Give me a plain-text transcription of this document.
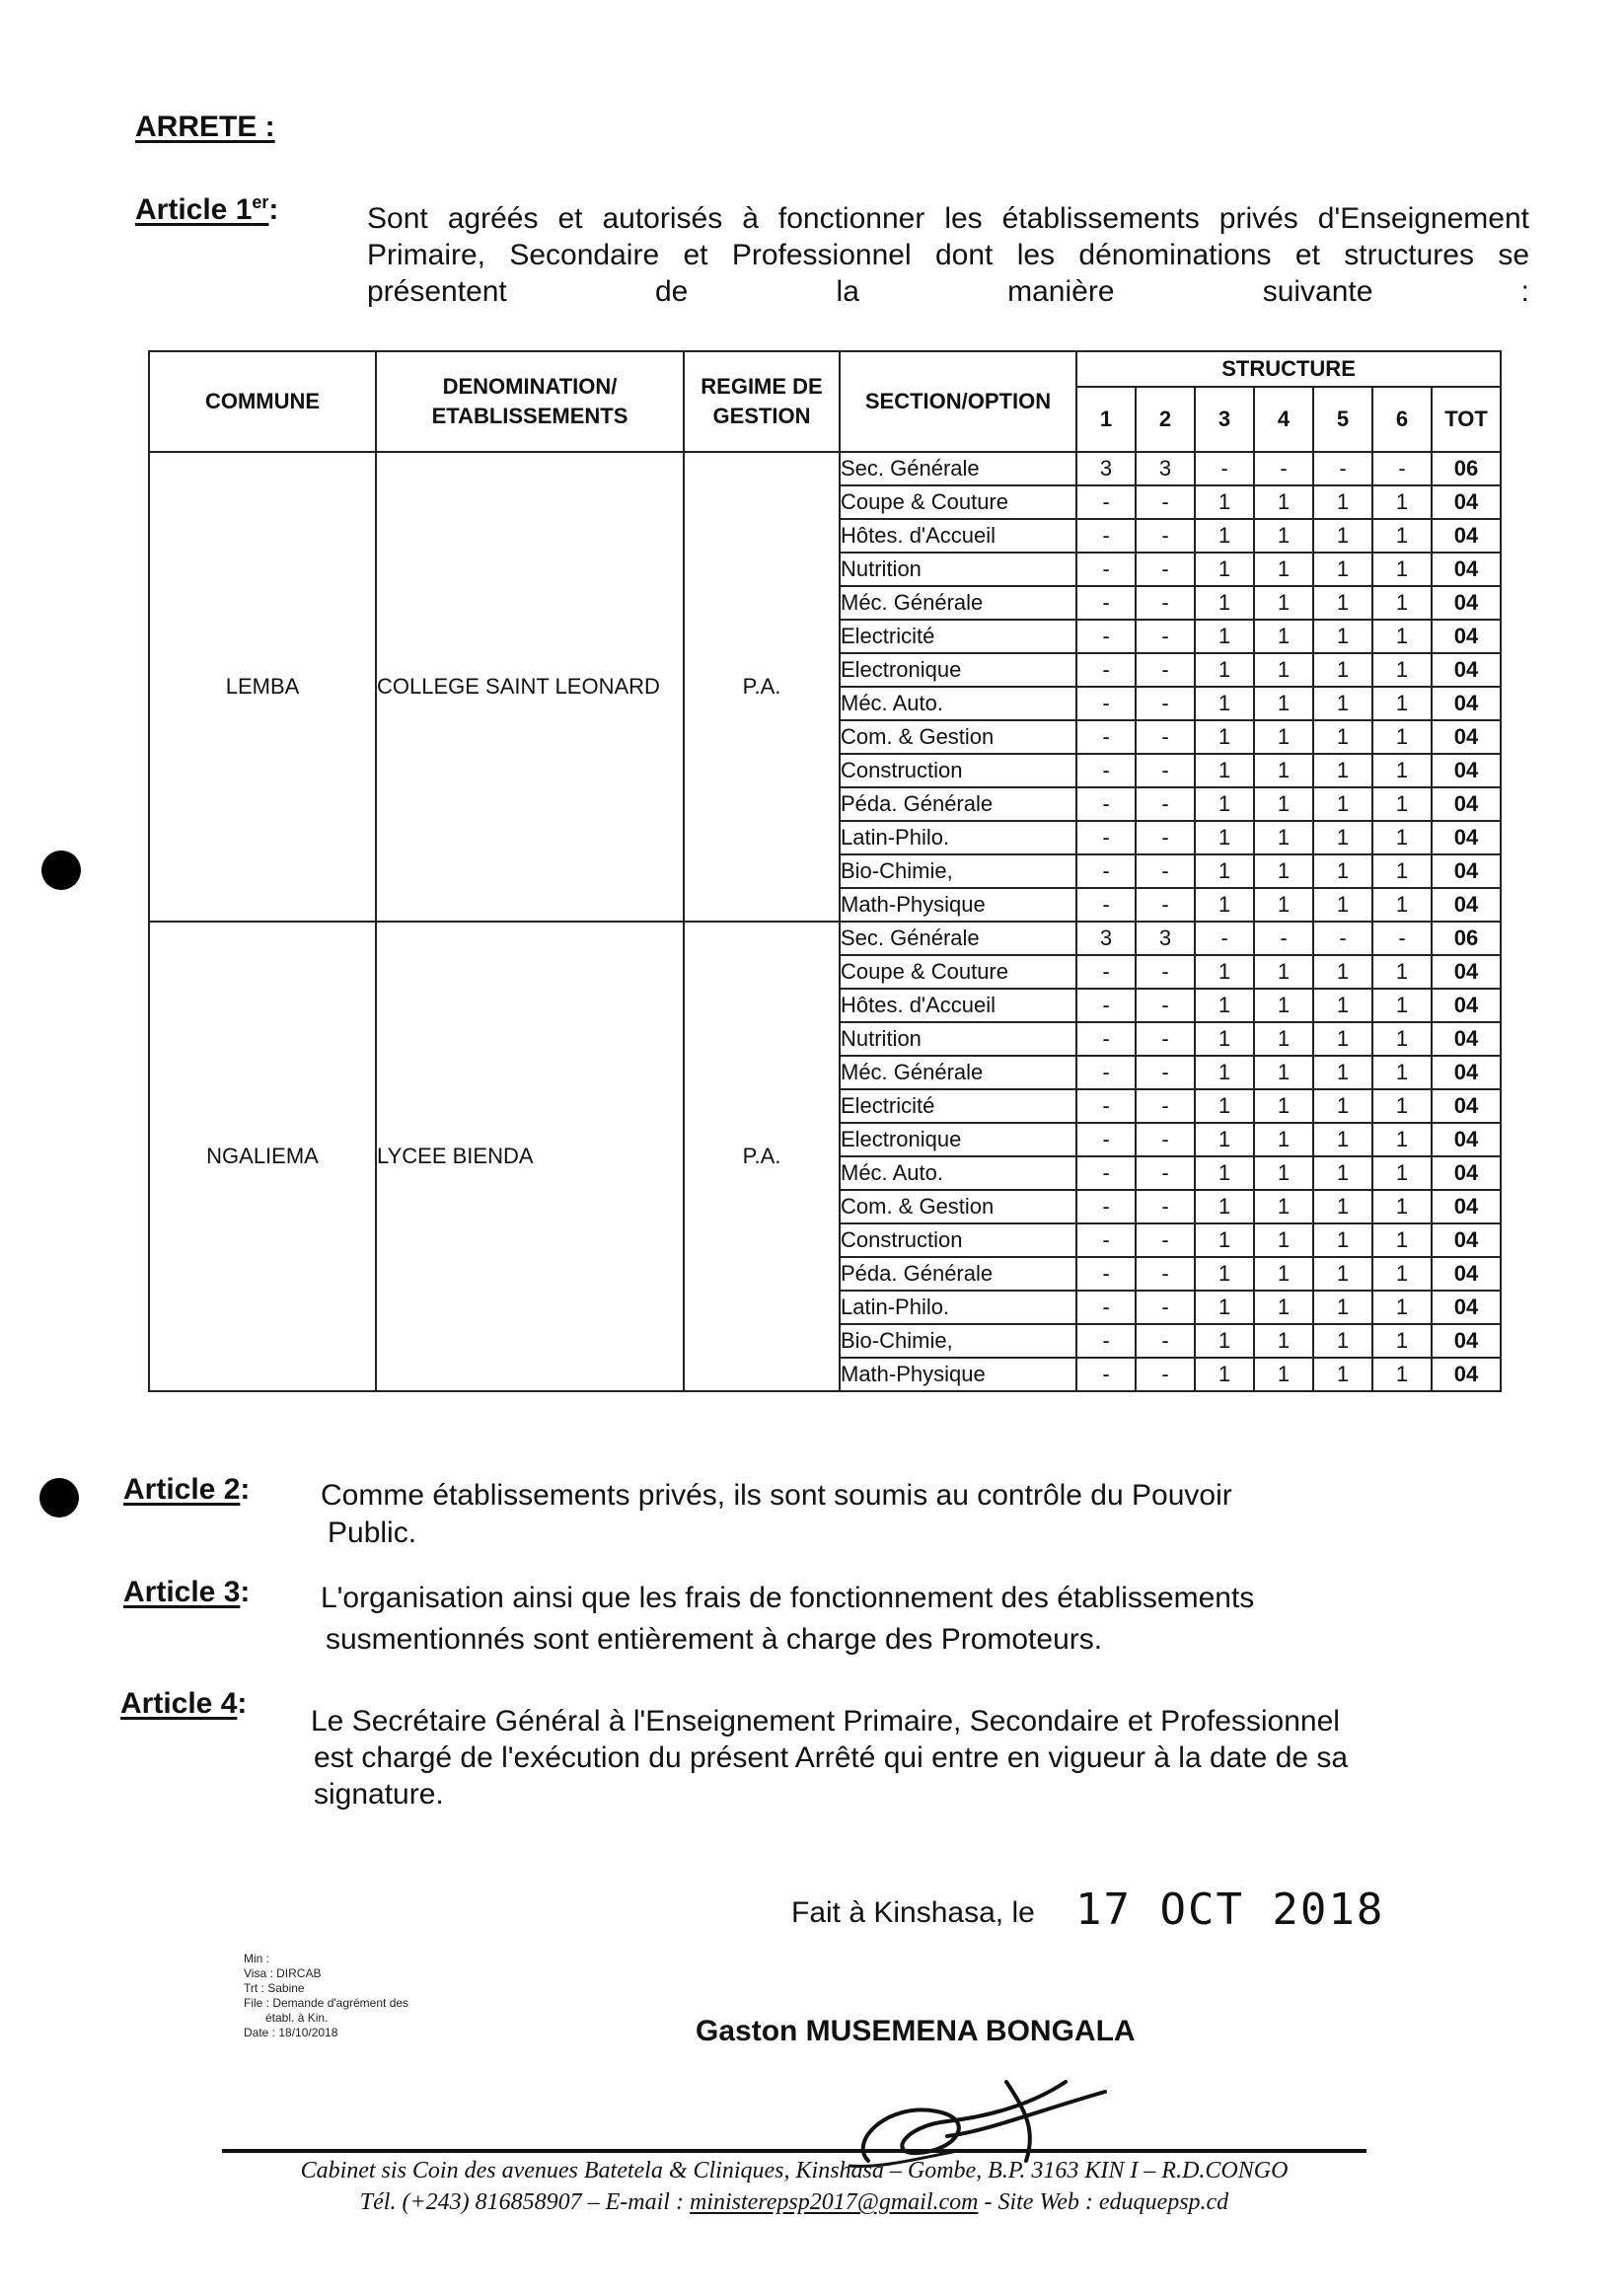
ARRETE :
Article 1er:	Sont agréés et autorisés à fonctionner les établissements privés d'Enseignement Primaire, Secondaire et Professionnel dont les dénominations et structures se présentent de la manière suivante :
COMMUNE	DENOMINATION/ ETABLISSEMENTS	REGIME DE GESTION	SECTION/OPTION	STRUCTURE						
				1	2	3	4	5	6	TOT
LEMBA	COLLEGE SAINT LEONARD	P.A.	Sec. Générale	3	3	-	-	-	-	06
			Coupe & Couture	-	-	1	1	1	1	04
			Hôtes. d'Accueil	-	-	1	1	1	1	04
			Nutrition	-	-	1	1	1	1	04
			Méc. Générale	-	-	1	1	1	1	04
			Electricité	-	-	1	1	1	1	04
			Electronique	-	-	1	1	1	1	04
			Méc. Auto.	-	-	1	1	1	1	04
			Com. & Gestion	-	-	1	1	1	1	04
			Construction	-	-	1	1	1	1	04
			Péda. Générale	-	-	1	1	1	1	04
			Latin-Philo.	-	-	1	1	1	1	04
			Bio-Chimie,	-	-	1	1	1	1	04
			Math-Physique	-	-	1	1	1	1	04
NGALIEMA	LYCEE BIENDA	P.A.	Sec. Générale	3	3	-	-	-	-	06
			Coupe & Couture	-	-	1	1	1	1	04
			Hôtes. d'Accueil	-	-	1	1	1	1	04
			Nutrition	-	-	1	1	1	1	04
			Méc. Générale	-	-	1	1	1	1	04
			Electricité	-	-	1	1	1	1	04
			Electronique	-	-	1	1	1	1	04
			Méc. Auto.	-	-	1	1	1	1	04
			Com. & Gestion	-	-	1	1	1	1	04
			Construction	-	-	1	1	1	1	04
			Péda. Générale	-	-	1	1	1	1	04
			Latin-Philo.	-	-	1	1	1	1	04
			Bio-Chimie,	-	-	1	1	1	1	04
			Math-Physique	-	-	1	1	1	1	04
Article 2: Comme établissements privés, ils sont soumis au contrôle du Pouvoir
Public.
Article 3: L'organisation ainsi que les frais de fonctionnement des établissements
susmentionnés sont entièrement à charge des Promoteurs.
Article 4:
Le Secrétaire Général à l'Enseignement Primaire, Secondaire et Professionnel
est chargé de l'exécution du présent Arrêté qui entre en vigueur à la date de sa
signature.
Fait à Kinshasa, le 17 OCT 2018
Gaston MUSEMENA BONGALA
Min :
Visa : DIRCAB
Trt : Sabine
File : Demande d'agrément des
établ. à Kin.
Date : 18/10/2018
Cabinet sis Coin des avenues Batetela & Cliniques, Kinshasa – Gombe, B.P. 3163 KIN I – R.D.CONGO
Tél. (+243) 816858907 – E-mail : ministerepsp2017@gmail.com - Site Web : eduquepsp.cd
